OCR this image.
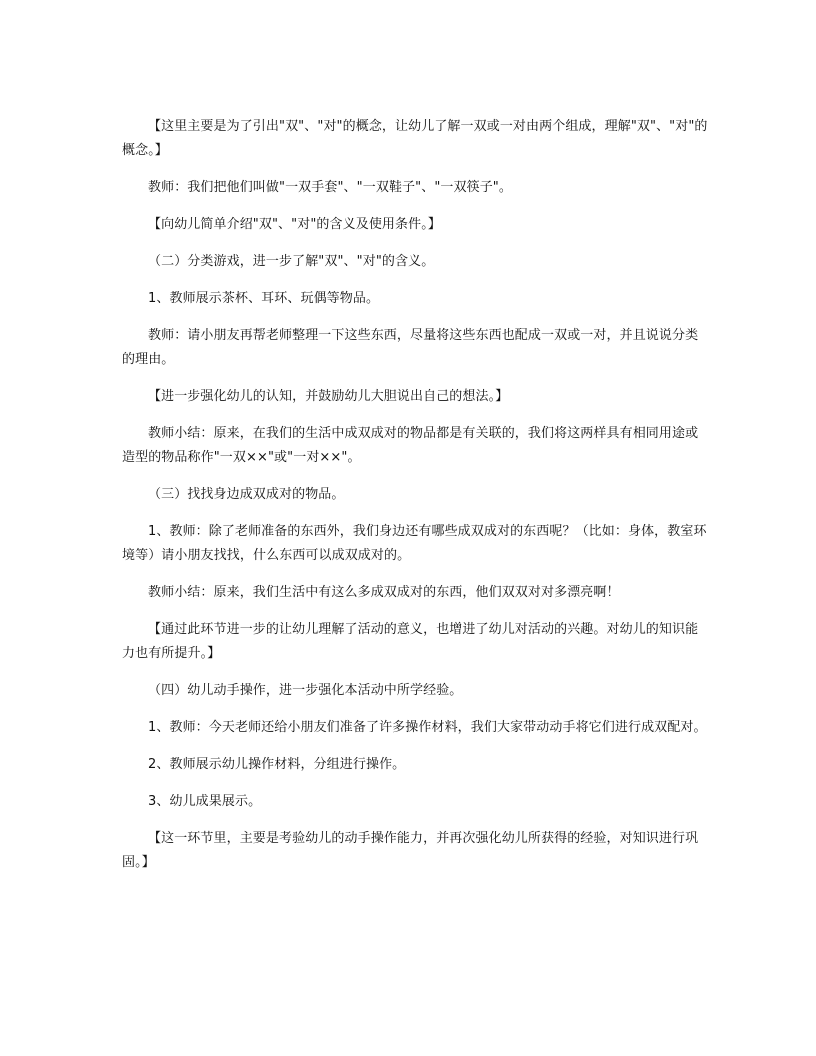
【这里主要是为了引出"双"、"对"的概念，让幼儿了解一双或一对由两个组成，理解"双"、"对"的概念。】

教师：我们把他们叫做"一双手套"、"一双鞋子"、"一双筷子"。

【向幼儿简单介绍"双"、"对"的含义及使用条件。】

（二）分类游戏，进一步了解"双"、"对"的含义。

1、教师展示茶杯、耳环、玩偶等物品。

教师：请小朋友再帮老师整理一下这些东西，尽量将这些东西也配成一双或一对，并且说说分类的理由。

【进一步强化幼儿的认知，并鼓励幼儿大胆说出自己的想法。】

教师小结：原来，在我们的生活中成双成对的物品都是有关联的，我们将这两样具有相同用途或造型的物品称作"一双××"或"一对××"。

（三）找找身边成双成对的物品。

1、教师：除了老师准备的东西外，我们身边还有哪些成双成对的东西呢？（比如：身体，教室环境等）请小朋友找找，什么东西可以成双成对的。

教师小结：原来，我们生活中有这么多成双成对的东西，他们双双对对多漂亮啊！

【通过此环节进一步的让幼儿理解了活动的意义，也增进了幼儿对活动的兴趣。对幼儿的知识能力也有所提升。】

（四）幼儿动手操作，进一步强化本活动中所学经验。

1、教师：今天老师还给小朋友们准备了许多操作材料，我们大家带动动手将它们进行成双配对。

2、教师展示幼儿操作材料，分组进行操作。

3、幼儿成果展示。

【这一环节里，主要是考验幼儿的动手操作能力，并再次强化幼儿所获得的经验，对知识进行巩固。】
